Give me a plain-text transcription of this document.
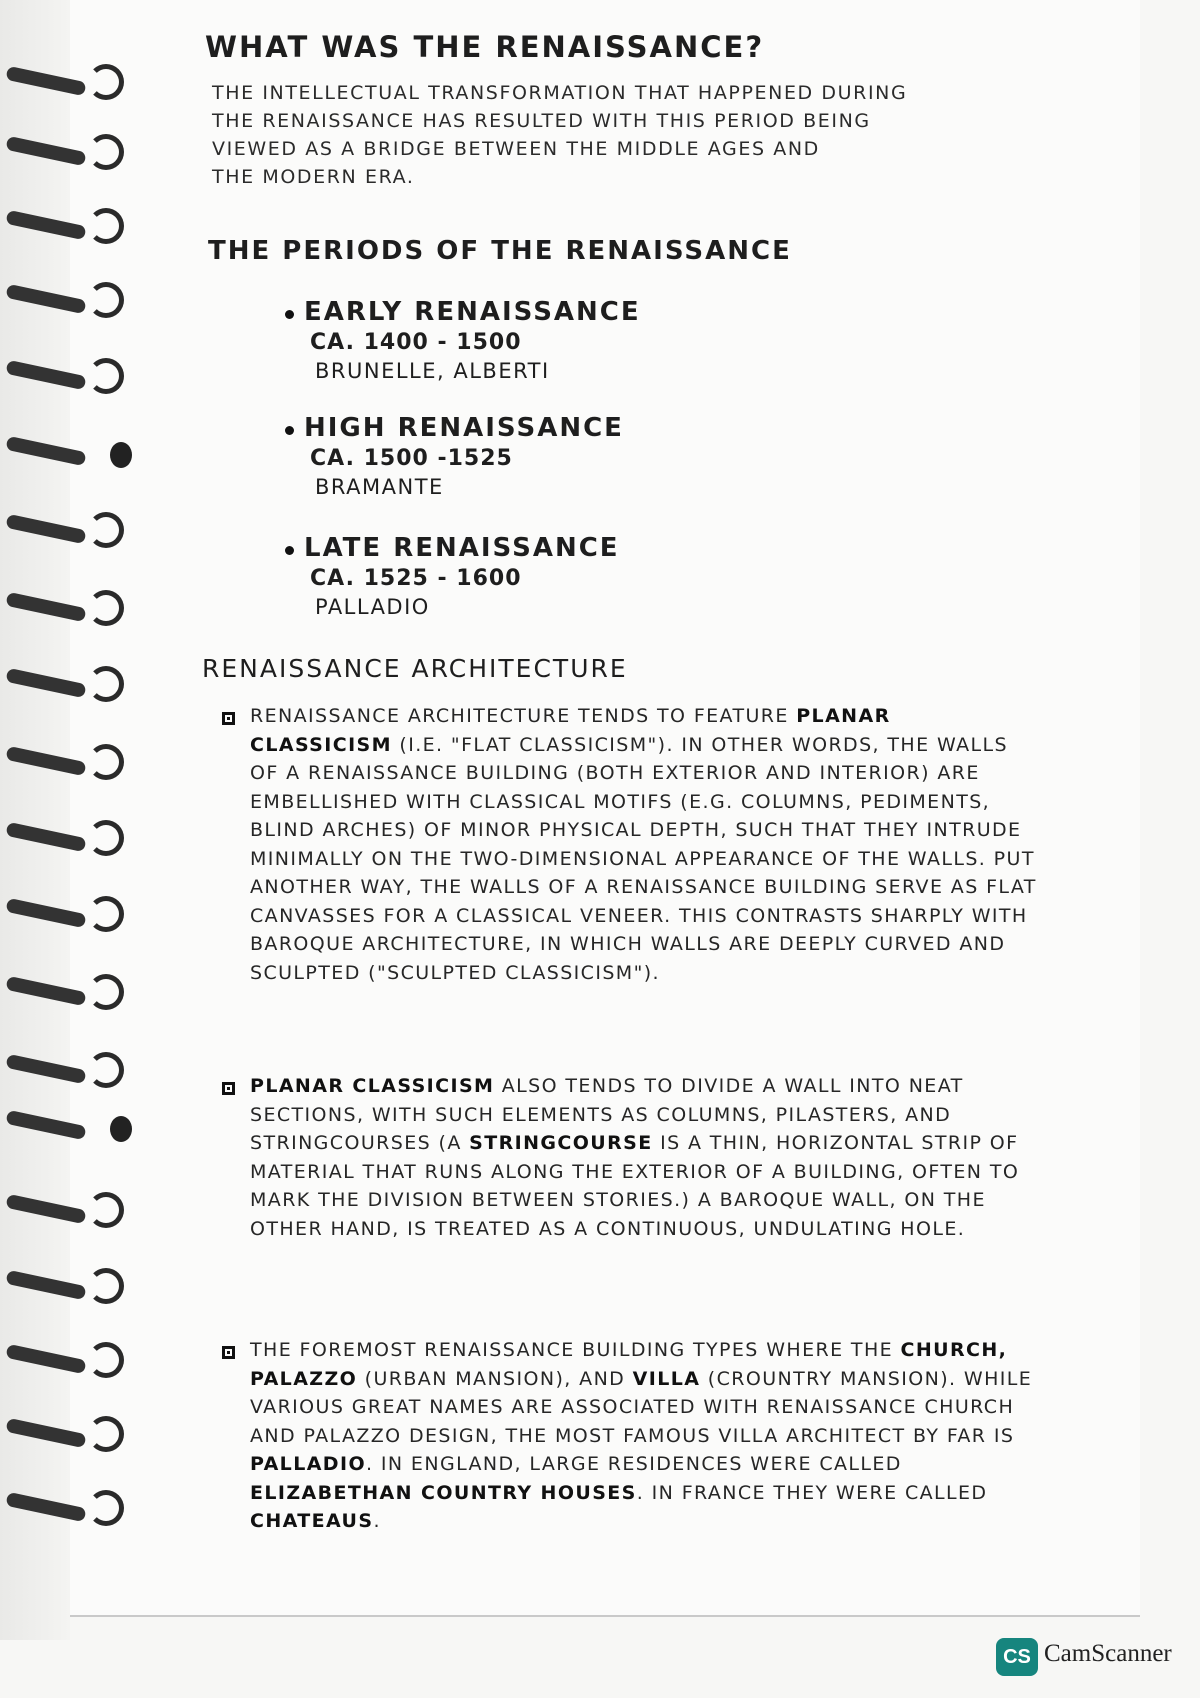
WHAT WAS THE RENAISSANCE?

THE INTELLECTUAL TRANSFORMATION THAT HAPPENED DURING

THE RENAISSANCE HAS RESULTED WITH THIS PERIOD BEING

VIEWED AS A BRIDGE BETWEEN THE MIDDLE AGES AND

THE MODERN ERA.

THE PERIODS OF THE RENAISSANCE
EARLY RENAISSANCE
CA. 1400 - 1500
BRUNELLE, ALBERTI
HIGH RENAISSANCE
CA. 1500 -1525
BRAMANTE
LATE RENAISSANCE
CA. 1525 - 1600
PALLADIO
RENAISSANCE ARCHITECTURE

RENAISSANCE ARCHITECTURE TENDS TO FEATURE PLANAR CLASSICISM (I.E. "FLAT CLASSICISM"). IN OTHER WORDS, THE WALLS OF A RENAISSANCE BUILDING (BOTH EXTERIOR AND INTERIOR) ARE EMBELLISHED WITH CLASSICAL MOTIFS (E.G. COLUMNS, PEDIMENTS, BLIND ARCHES) OF MINOR PHYSICAL DEPTH, SUCH THAT THEY INTRUDE MINIMALLY ON THE TWO-DIMENSIONAL APPEARANCE OF THE WALLS. PUT ANOTHER WAY, THE WALLS OF A RENAISSANCE BUILDING SERVE AS FLAT CANVASSES FOR A CLASSICAL VENEER. THIS CONTRASTS SHARPLY WITH BAROQUE ARCHITECTURE, IN WHICH WALLS ARE DEEPLY CURVED AND SCULPTED ("SCULPTED CLASSICISM").

PLANAR CLASSICISM ALSO TENDS TO DIVIDE A WALL INTO NEAT SECTIONS, WITH SUCH ELEMENTS AS COLUMNS, PILASTERS, AND STRINGCOURSES (A STRINGCOURSE IS A THIN, HORIZONTAL STRIP OF MATERIAL THAT RUNS ALONG THE EXTERIOR OF A BUILDING, OFTEN TO MARK THE DIVISION BETWEEN STORIES.) A BAROQUE WALL, ON THE OTHER HAND, IS TREATED AS A CONTINUOUS, UNDULATING HOLE.

THE FOREMOST RENAISSANCE BUILDING TYPES WHERE THE CHURCH, PALAZZO (URBAN MANSION), AND VILLA (CROUNTRY MANSION). WHILE VARIOUS GREAT NAMES ARE ASSOCIATED WITH RENAISSANCE CHURCH AND PALAZZO DESIGN, THE MOST FAMOUS VILLA ARCHITECT BY FAR IS PALLADIO. IN ENGLAND, LARGE RESIDENCES WERE CALLED ELIZABETHAN COUNTRY HOUSES. IN FRANCE THEY WERE CALLED CHATEAUS.

CS CamScanner
